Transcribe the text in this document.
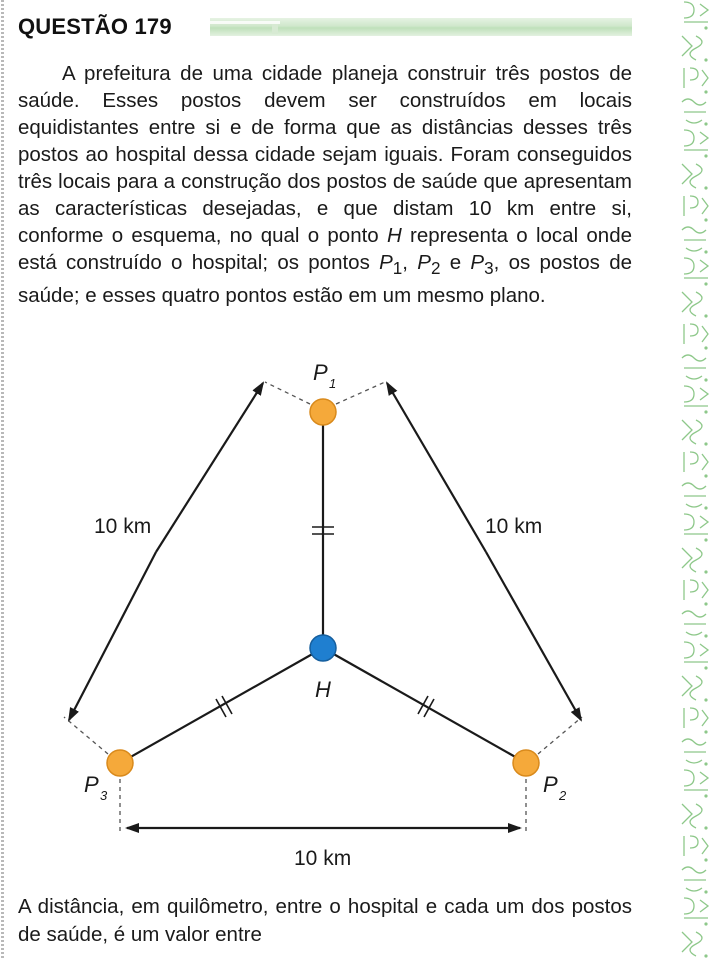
QUESTÃO 179

A prefeitura de uma cidade planeja construir três postos de saúde. Esses postos devem ser construídos em locais equidistantes entre si e de forma que as distâncias desses três postos ao hospital dessa cidade sejam iguais. Foram conseguidos três locais para a construção dos postos de saúde que apresentam as características desejadas, e que distam 10 km entre si, conforme o esquema, no qual o ponto H representa o local onde está construído o hospital; os pontos $P_1$, $P_2$ e $P_3$, os postos de saúde; e esses quatro pontos estão em um mesmo plano.

10 km	10 km
10 km
H
P 1
P 3	P 2

A distância, em quilômetro, entre o hospital e cada um dos postos de saúde, é um valor entre
